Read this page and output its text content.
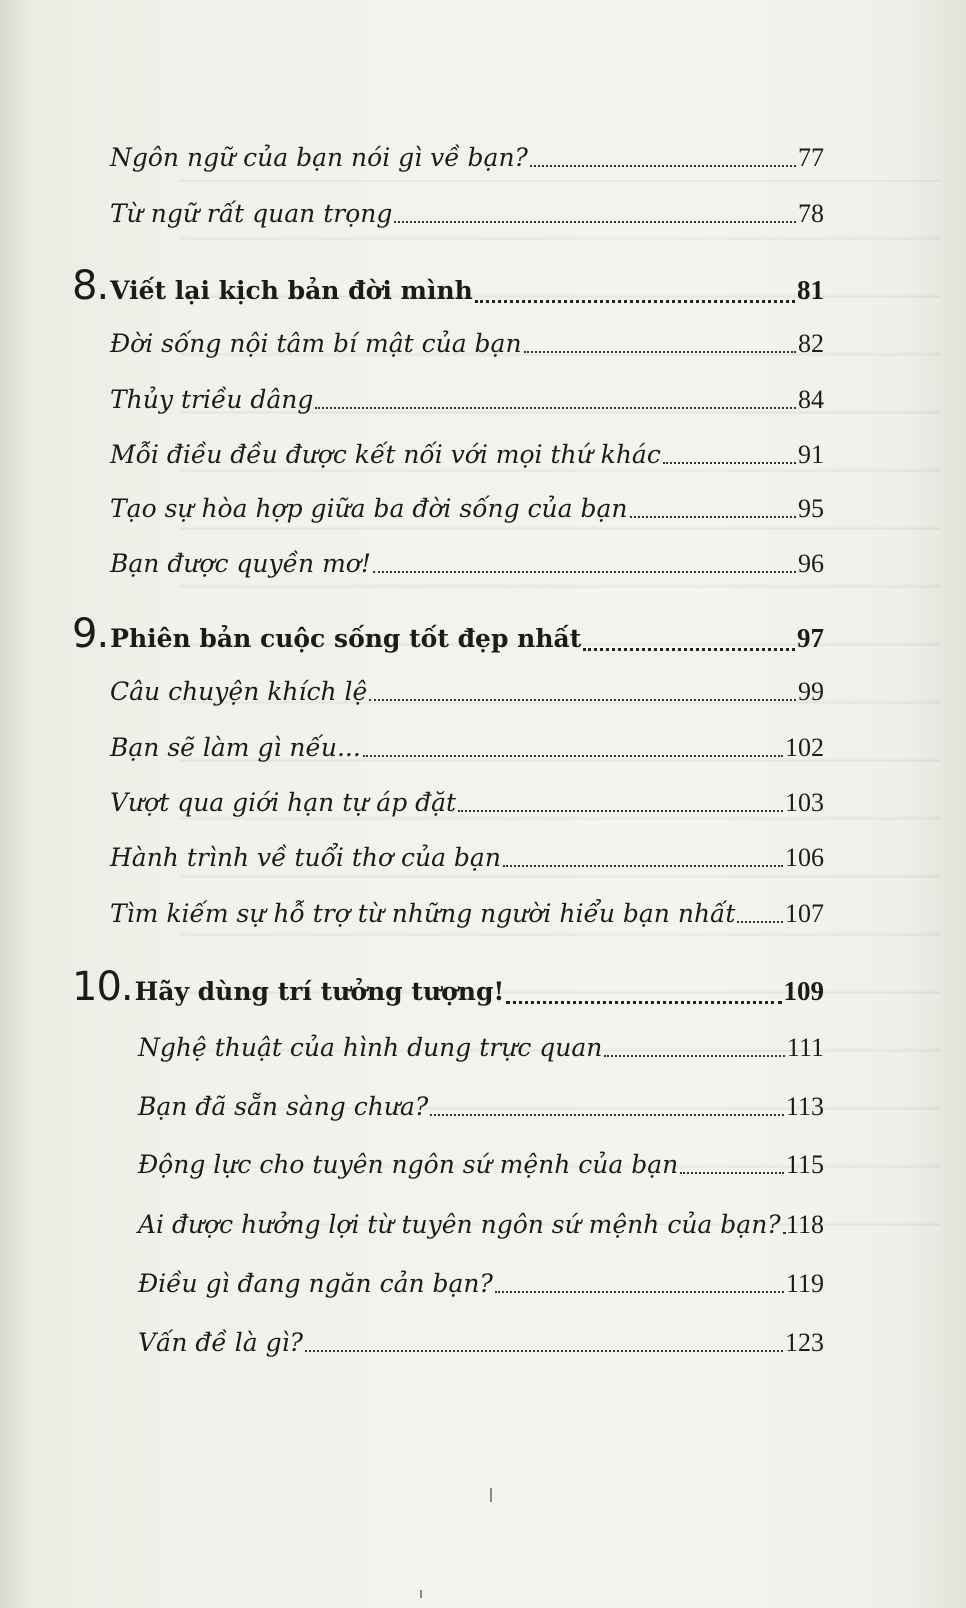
Ngôn ngữ của bạn nói gì về bạn?	77
Từ ngữ rất quan trọng	78
8. Viết lại kịch bản đời mình	81
Đời sống nội tâm bí mật của bạn	82
Thủy triều dâng	84
Mỗi điều đều được kết nối với mọi thứ khác	91
Tạo sự hòa hợp giữa ba đời sống của bạn	95
Bạn được quyền mơ!	96
9. Phiên bản cuộc sống tốt đẹp nhất	97
Câu chuyện khích lệ	99
Bạn sẽ làm gì nếu...	102
Vượt qua giới hạn tự áp đặt	103
Hành trình về tuổi thơ của bạn	106
Tìm kiếm sự hỗ trợ từ những người hiểu bạn nhất 107
10. Hãy dùng trí tưởng tượng!	109
Nghệ thuật của hình dung trực quan	111
Bạn đã sẵn sàng chưa?	113
Động lực cho tuyên ngôn sứ mệnh của bạn	115
Ai được hưởng lợi từ tuyên ngôn sứ mệnh của bạn? 118
Điều gì đang ngăn cản bạn?	119
Vấn đề là gì?	123
